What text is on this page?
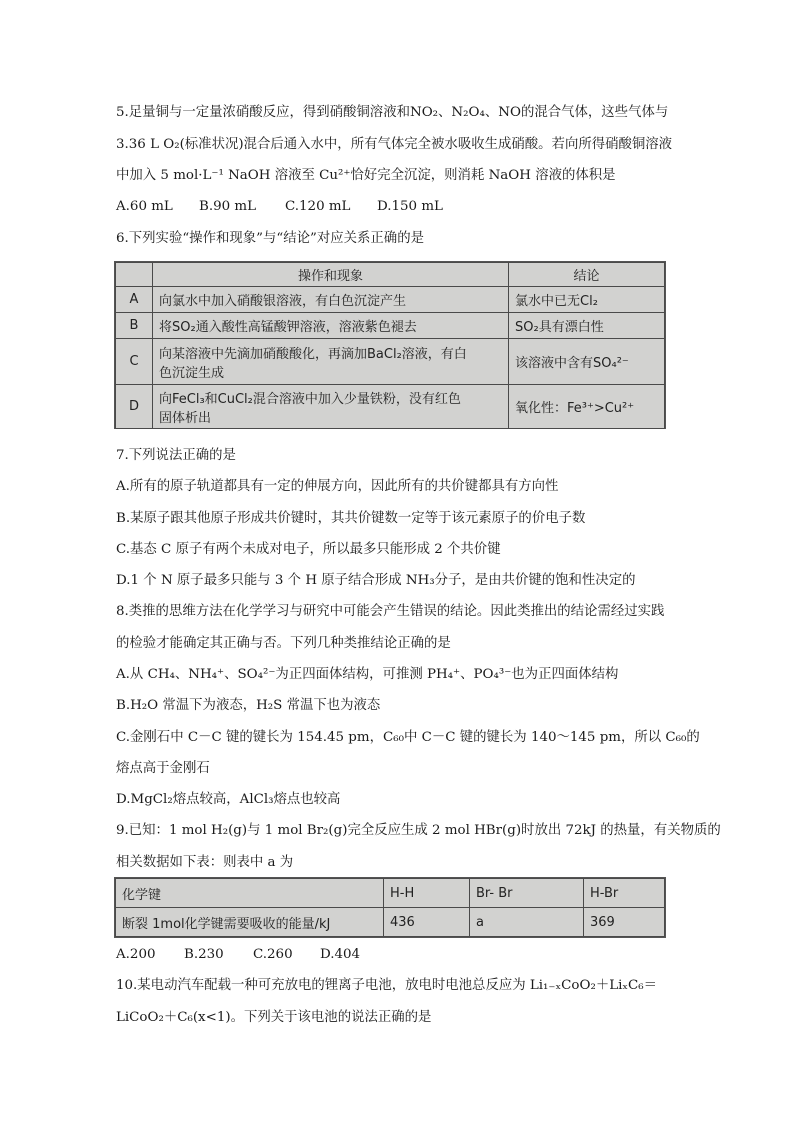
5.足量铜与一定量浓硝酸反应，得到硝酸铜溶液和NO₂、N₂O₄、NO的混合气体，这些气体与
3.36 L O₂(标准状况)混合后通入水中，所有气体完全被水吸收生成硝酸。若向所得硝酸铜溶液
中加入 5 mol·L⁻¹ NaOH 溶液至 Cu²⁺恰好完全沉淀，则消耗 NaOH 溶液的体积是
A.60 mL B.90 mL C.120 mL D.150 mL
6.下列实验“操作和现象”与“结论”对应关系正确的是
	操作和现象	结论
A	向氯水中加入硝酸银溶液，有白色沉淀产生	氯水中已无Cl₂
B	将SO₂通入酸性高锰酸钾溶液，溶液紫色褪去	SO₂具有漂白性
C	向某溶液中先滴加硝酸酸化，再滴加BaCl₂溶液，有白
色沉淀生成	该溶液中含有SO₄²⁻
D	向FeCl₃和CuCl₂混合溶液中加入少量铁粉，没有红色
固体析出	氧化性：Fe³⁺>Cu²⁺
7.下列说法正确的是
A.所有的原子轨道都具有一定的伸展方向，因此所有的共价键都具有方向性
B.某原子跟其他原子形成共价键时，其共价键数一定等于该元素原子的价电子数
C.基态 C 原子有两个未成对电子，所以最多只能形成 2 个共价键
D.1 个 N 原子最多只能与 3 个 H 原子结合形成 NH₃分子，是由共价键的饱和性决定的
8.类推的思维方法在化学学习与研究中可能会产生错误的结论。因此类推出的结论需经过实践
的检验才能确定其正确与否。下列几种类推结论正确的是
A.从 CH₄、NH₄⁺、SO₄²⁻为正四面体结构，可推测 PH₄⁺、PO₄³⁻也为正四面体结构
B.H₂O 常温下为液态，H₂S 常温下也为液态
C.金刚石中 C－C 键的键长为 154.45 pm，C₆₀中 C－C 键的键长为 140～145 pm，所以 C₆₀的
熔点高于金刚石
D.MgCl₂熔点较高，AlCl₃熔点也较高
9.已知：1 mol H₂(g)与 1 mol Br₂(g)完全反应生成 2 mol HBr(g)时放出 72kJ 的热量，有关物质的
相关数据如下表：则表中 a 为
化学键	H-H	Br- Br	H-Br
断裂 1mol化学键需要吸收的能量/kJ	436	a	369
A.200 B.230 C.260 D.404
10.某电动汽车配载一种可充放电的锂离子电池，放电时电池总反应为 Li₁₋ₓCoO₂＋LiₓC₆＝
LiCoO₂＋C₆(x<1)。下列关于该电池的说法正确的是
